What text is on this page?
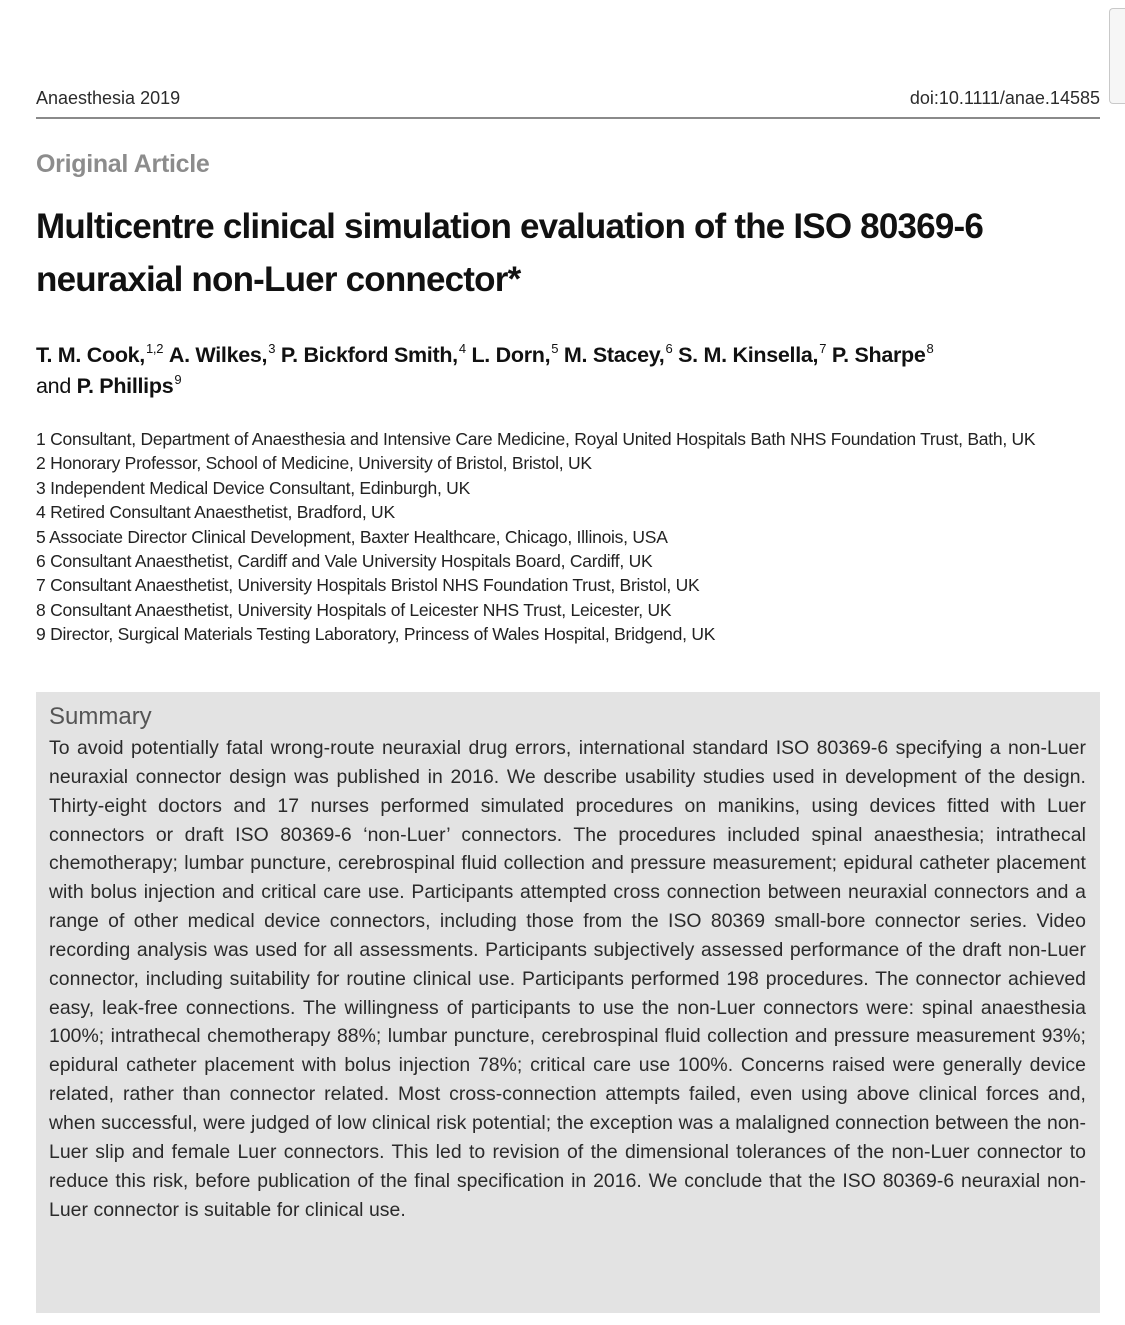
Anaesthesia 2019	doi:10.1111/anae.14585
Original Article
Multicentre clinical simulation evaluation of the ISO 80369-6 neuraxial non-Luer connector*
T. M. Cook,$^{1,2}$ A. Wilkes,$^3$ P. Bickford Smith,$^4$ L. Dorn,$^5$ M. Stacey,$^6$ S. M. Kinsella,$^7$ P. Sharpe$^8$
and P. Phillips$^9$
1 Consultant, Department of Anaesthesia and Intensive Care Medicine, Royal United Hospitals Bath NHS Foundation Trust, Bath, UK
2 Honorary Professor, School of Medicine, University of Bristol, Bristol, UK
3 Independent Medical Device Consultant, Edinburgh, UK
4 Retired Consultant Anaesthetist, Bradford, UK
5 Associate Director Clinical Development, Baxter Healthcare, Chicago, Illinois, USA
6 Consultant Anaesthetist, Cardiff and Vale University Hospitals Board, Cardiff, UK
7 Consultant Anaesthetist, University Hospitals Bristol NHS Foundation Trust, Bristol, UK
8 Consultant Anaesthetist, University Hospitals of Leicester NHS Trust, Leicester, UK
9 Director, Surgical Materials Testing Laboratory, Princess of Wales Hospital, Bridgend, UK
Summary

To avoid potentially fatal wrong-route neuraxial drug errors, international standard ISO 80369-6 specifying a non-Luer neuraxial connector design was published in 2016. We describe usability studies used in development of the design. Thirty-eight doctors and 17 nurses performed simulated procedures on manikins, using devices fitted with Luer connectors or draft ISO 80369-6 ‘non-Luer’ connectors. The procedures included spinal anaesthesia; intrathecal chemotherapy; lumbar puncture, cerebrospinal fluid collection and pressure measurement; epidural catheter placement with bolus injection and critical care use. Participants attempted cross connection between neuraxial connectors and a range of other medical device connectors, including those from the ISO 80369 small-bore connector series. Video recording analysis was used for all assessments. Participants subjectively assessed performance of the draft non-Luer connector, including suitability for routine clinical use. Participants performed 198 procedures. The connector achieved easy, leak-free connections. The willingness of participants to use the non-Luer connectors were: spinal anaesthesia 100%; intrathecal chemotherapy 88%; lumbar puncture, cerebrospinal fluid collection and pressure measurement 93%; epidural catheter placement with bolus injection 78%; critical care use 100%. Concerns raised were generally device related, rather than connector related. Most cross-connection attempts failed, even using above clinical forces and, when successful, were judged of low clinical risk potential; the exception was a malaligned connection between the non-Luer slip and female Luer connectors. This led to revision of the dimensional tolerances of the non-Luer connector to reduce this risk, before publication of the final specification in 2016. We conclude that the ISO 80369-6 neuraxial non-Luer connector is suitable for clinical use.
